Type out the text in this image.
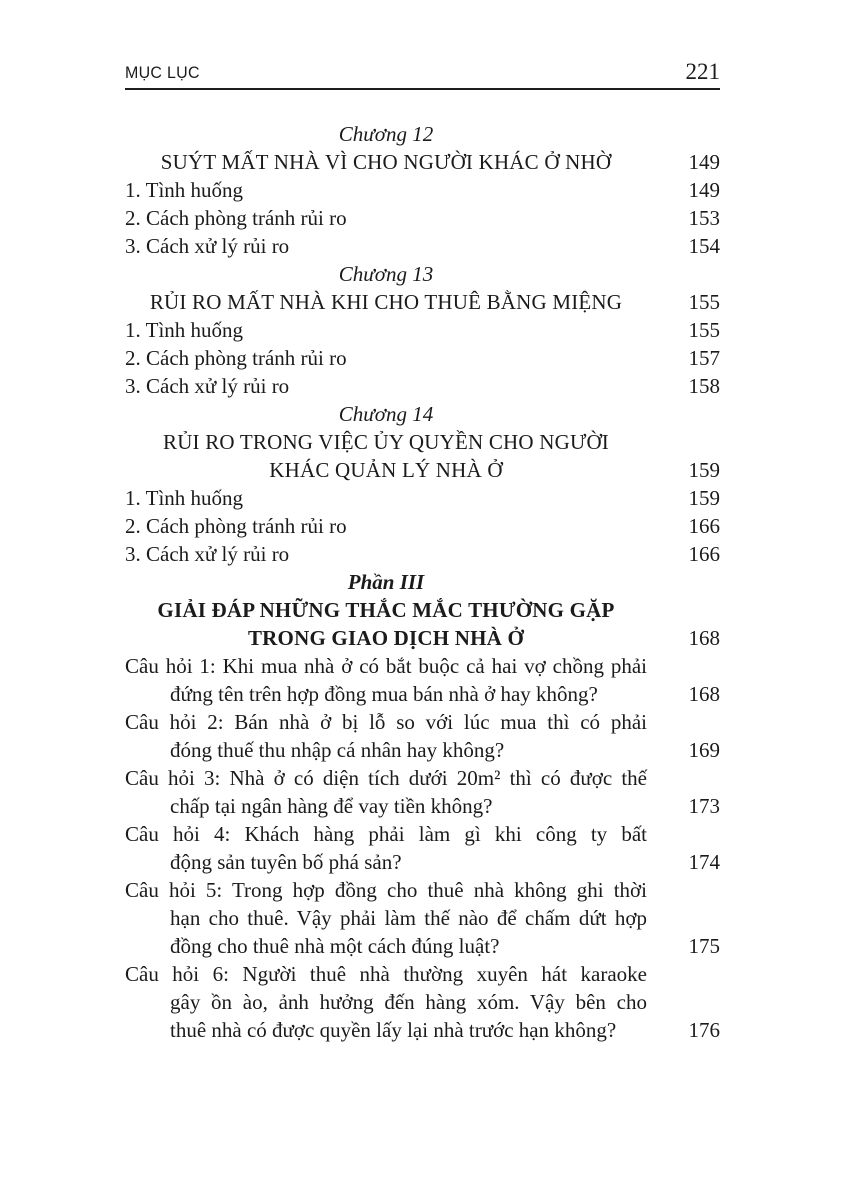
MỤC LỤC	221
Chương 12
SUÝT MẤT NHÀ VÌ CHO NGƯỜI KHÁC Ở NHỜ	149
1. Tình huống	149
2. Cách phòng tránh rủi ro	153
3. Cách xử lý rủi ro	154
Chương 13
RỦI RO MẤT NHÀ KHI CHO THUÊ BẰNG MIỆNG	155
1. Tình huống	155
2. Cách phòng tránh rủi ro	157
3. Cách xử lý rủi ro	158
Chương 14
RỦI RO TRONG VIỆC ỦY QUYỀN CHO NGƯỜI
KHÁC QUẢN LÝ NHÀ Ở	159
1. Tình huống	159
2. Cách phòng tránh rủi ro	166
3. Cách xử lý rủi ro	166
Phần III
GIẢI ĐÁP NHỮNG THẮC MẮC THƯỜNG GẶP
TRONG GIAO DỊCH NHÀ Ở	168
Câu hỏi 1: Khi mua nhà ở có bắt buộc cả hai vợ chồng phải
đứng tên trên hợp đồng mua bán nhà ở hay không?	168
Câu hỏi 2: Bán nhà ở bị lỗ so với lúc mua thì có phải
đóng thuế thu nhập cá nhân hay không?	169
Câu hỏi 3: Nhà ở có diện tích dưới 20m² thì có được thế
chấp tại ngân hàng để vay tiền không?	173
Câu hỏi 4: Khách hàng phải làm gì khi công ty bất
động sản tuyên bố phá sản?	174
Câu hỏi 5: Trong hợp đồng cho thuê nhà không ghi thời
hạn cho thuê. Vậy phải làm thế nào để chấm dứt hợp
đồng cho thuê nhà một cách đúng luật?	175
Câu hỏi 6: Người thuê nhà thường xuyên hát karaoke
gây ồn ào, ảnh hưởng đến hàng xóm. Vậy bên cho
thuê nhà có được quyền lấy lại nhà trước hạn không?	176
